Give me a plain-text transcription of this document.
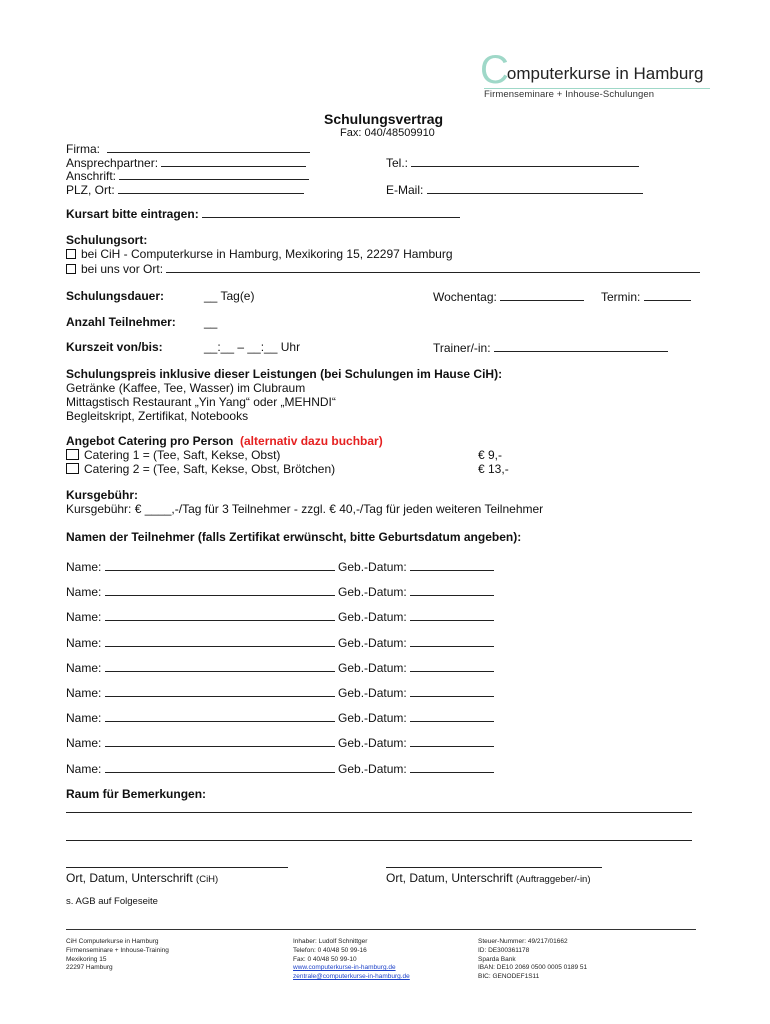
Computerkurse in Hamburg
Firmenseminare + Inhouse-Schulungen
Schulungsvertrag
Fax: 040/48509910
Firma:
Ansprechpartner:
Anschrift:
PLZ, Ort:
Tel.:
E-Mail:
Kursart bitte eintragen:
Schulungsort:
bei CiH - Computerkurse in Hamburg, Mexikoring 15, 22297 Hamburg
bei uns vor Ort:
Schulungsdauer:	__ Tag(e)	Wochentag:	Termin:
Anzahl Teilnehmer: __
Kurszeit von/bis:	__:__ – __:__ Uhr	Trainer/-in:
Schulungspreis inklusive dieser Leistungen (bei Schulungen im Hause CiH):
Getränke (Kaffee, Tee, Wasser) im Clubraum
Mittagstisch Restaurant „Yin Yang“ oder „MEHNDI“
Begleitskript, Zertifikat, Notebooks
Angebot Catering pro Person (alternativ dazu buchbar)
Catering 1 = (Tee, Saft, Kekse, Obst)	€ 9,-
Catering 2 = (Tee, Saft, Kekse, Obst, Brötchen)	€ 13,-
Kursgebühr:
Kursgebühr: € ____,-/Tag für 3 Teilnehmer - zzgl. € 40,-/Tag für jeden weiteren Teilnehmer
Namen der Teilnehmer (falls Zertifikat erwünscht, bitte Geburtsdatum angeben):
Name:	Geb.-Datum:
Name:	Geb.-Datum:
Name:	Geb.-Datum:
Name:	Geb.-Datum:
Name:	Geb.-Datum:
Name:	Geb.-Datum:
Name:	Geb.-Datum:
Name:	Geb.-Datum:
Name:	Geb.-Datum:
Raum für Bemerkungen:
Ort, Datum, Unterschrift (CiH)	Ort, Datum, Unterschrift (Auftraggeber/-in)
s. AGB auf Folgeseite
CiH Computerkurse in Hamburg
Firmenseminare + Inhouse-Training
Mexikoring 15
22297 Hamburg
Inhaber: Ludolf Schnittger
Telefon: 0 40/48 50 99-16
Fax: 0 40/48 50 99-10
www.computerkurse-in-hamburg.de
zentrale@computerkurse-in-hamburg.de
Steuer-Nummer: 49/217/01662
ID: DE300361178
Sparda Bank
IBAN: DE10 2069 0500 0005 0189 51
BIC: GENODEF1S11
